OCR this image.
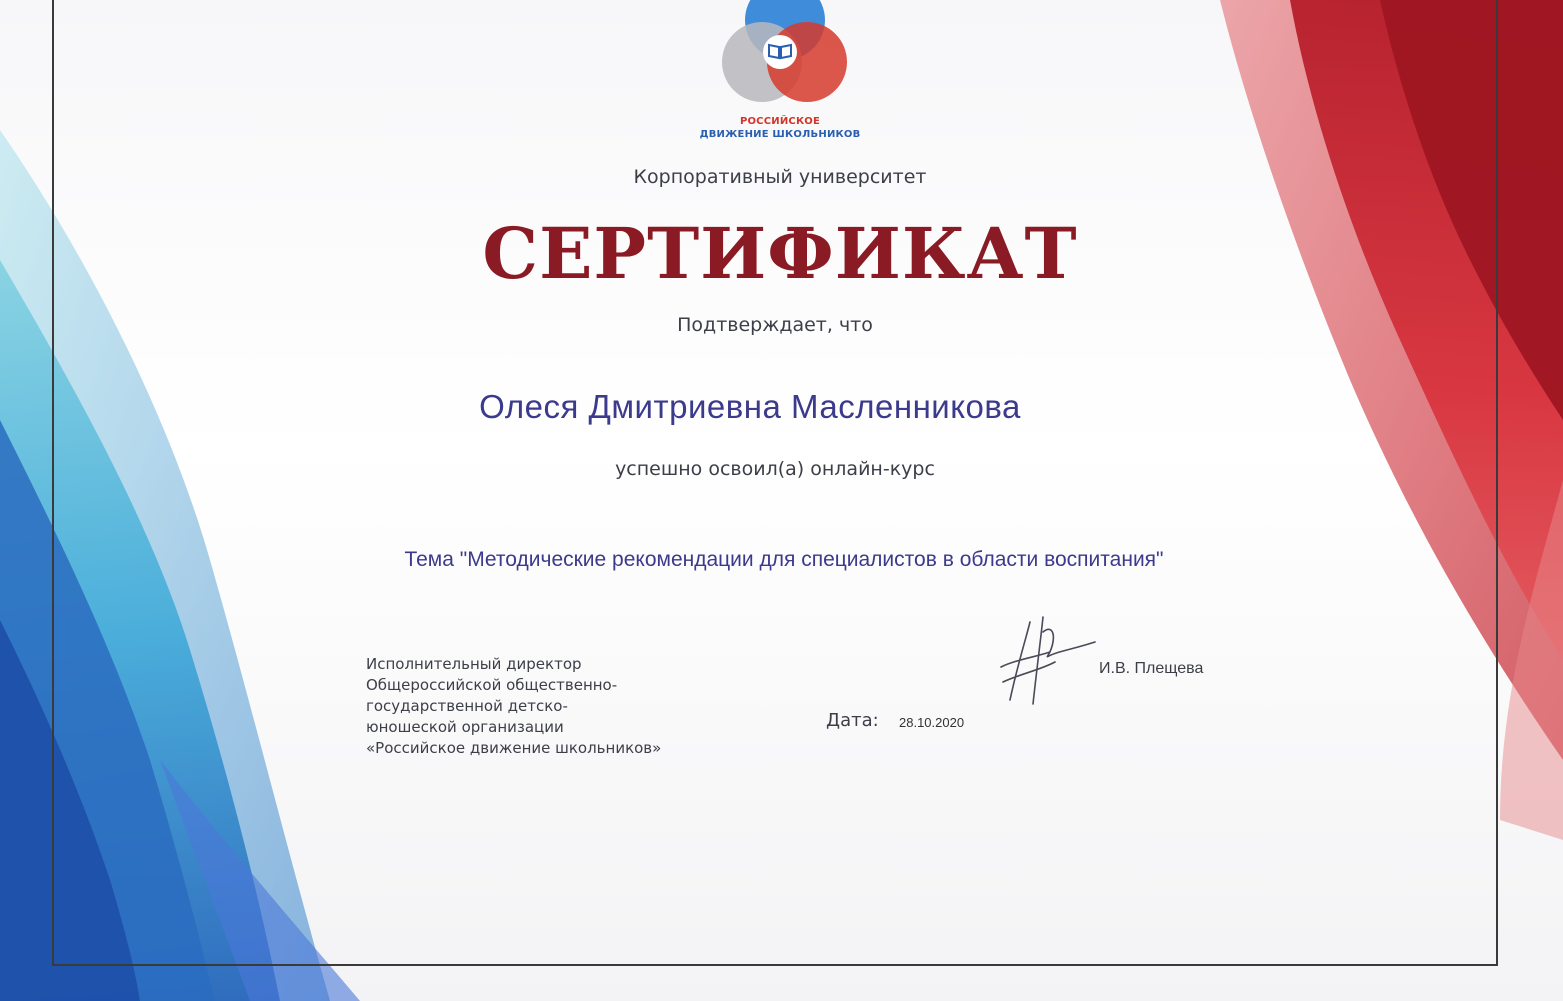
РОССИЙСКОЕ
ДВИЖЕНИЕ ШКОЛЬНИКОВ
Корпоративный университет
СЕРТИФИКАТ
Подтверждает, что
Олеся Дмитриевна Масленникова
успешно освоил(а) онлайн-курс
Тема "Методические рекомендации для специалистов в области воспитания"
Исполнительный директор
Общероссийской общественно-
государственной детско-
юношеской организации
«Российское движение школьников»
Дата: 28.10.2020
И.В. Плещева
